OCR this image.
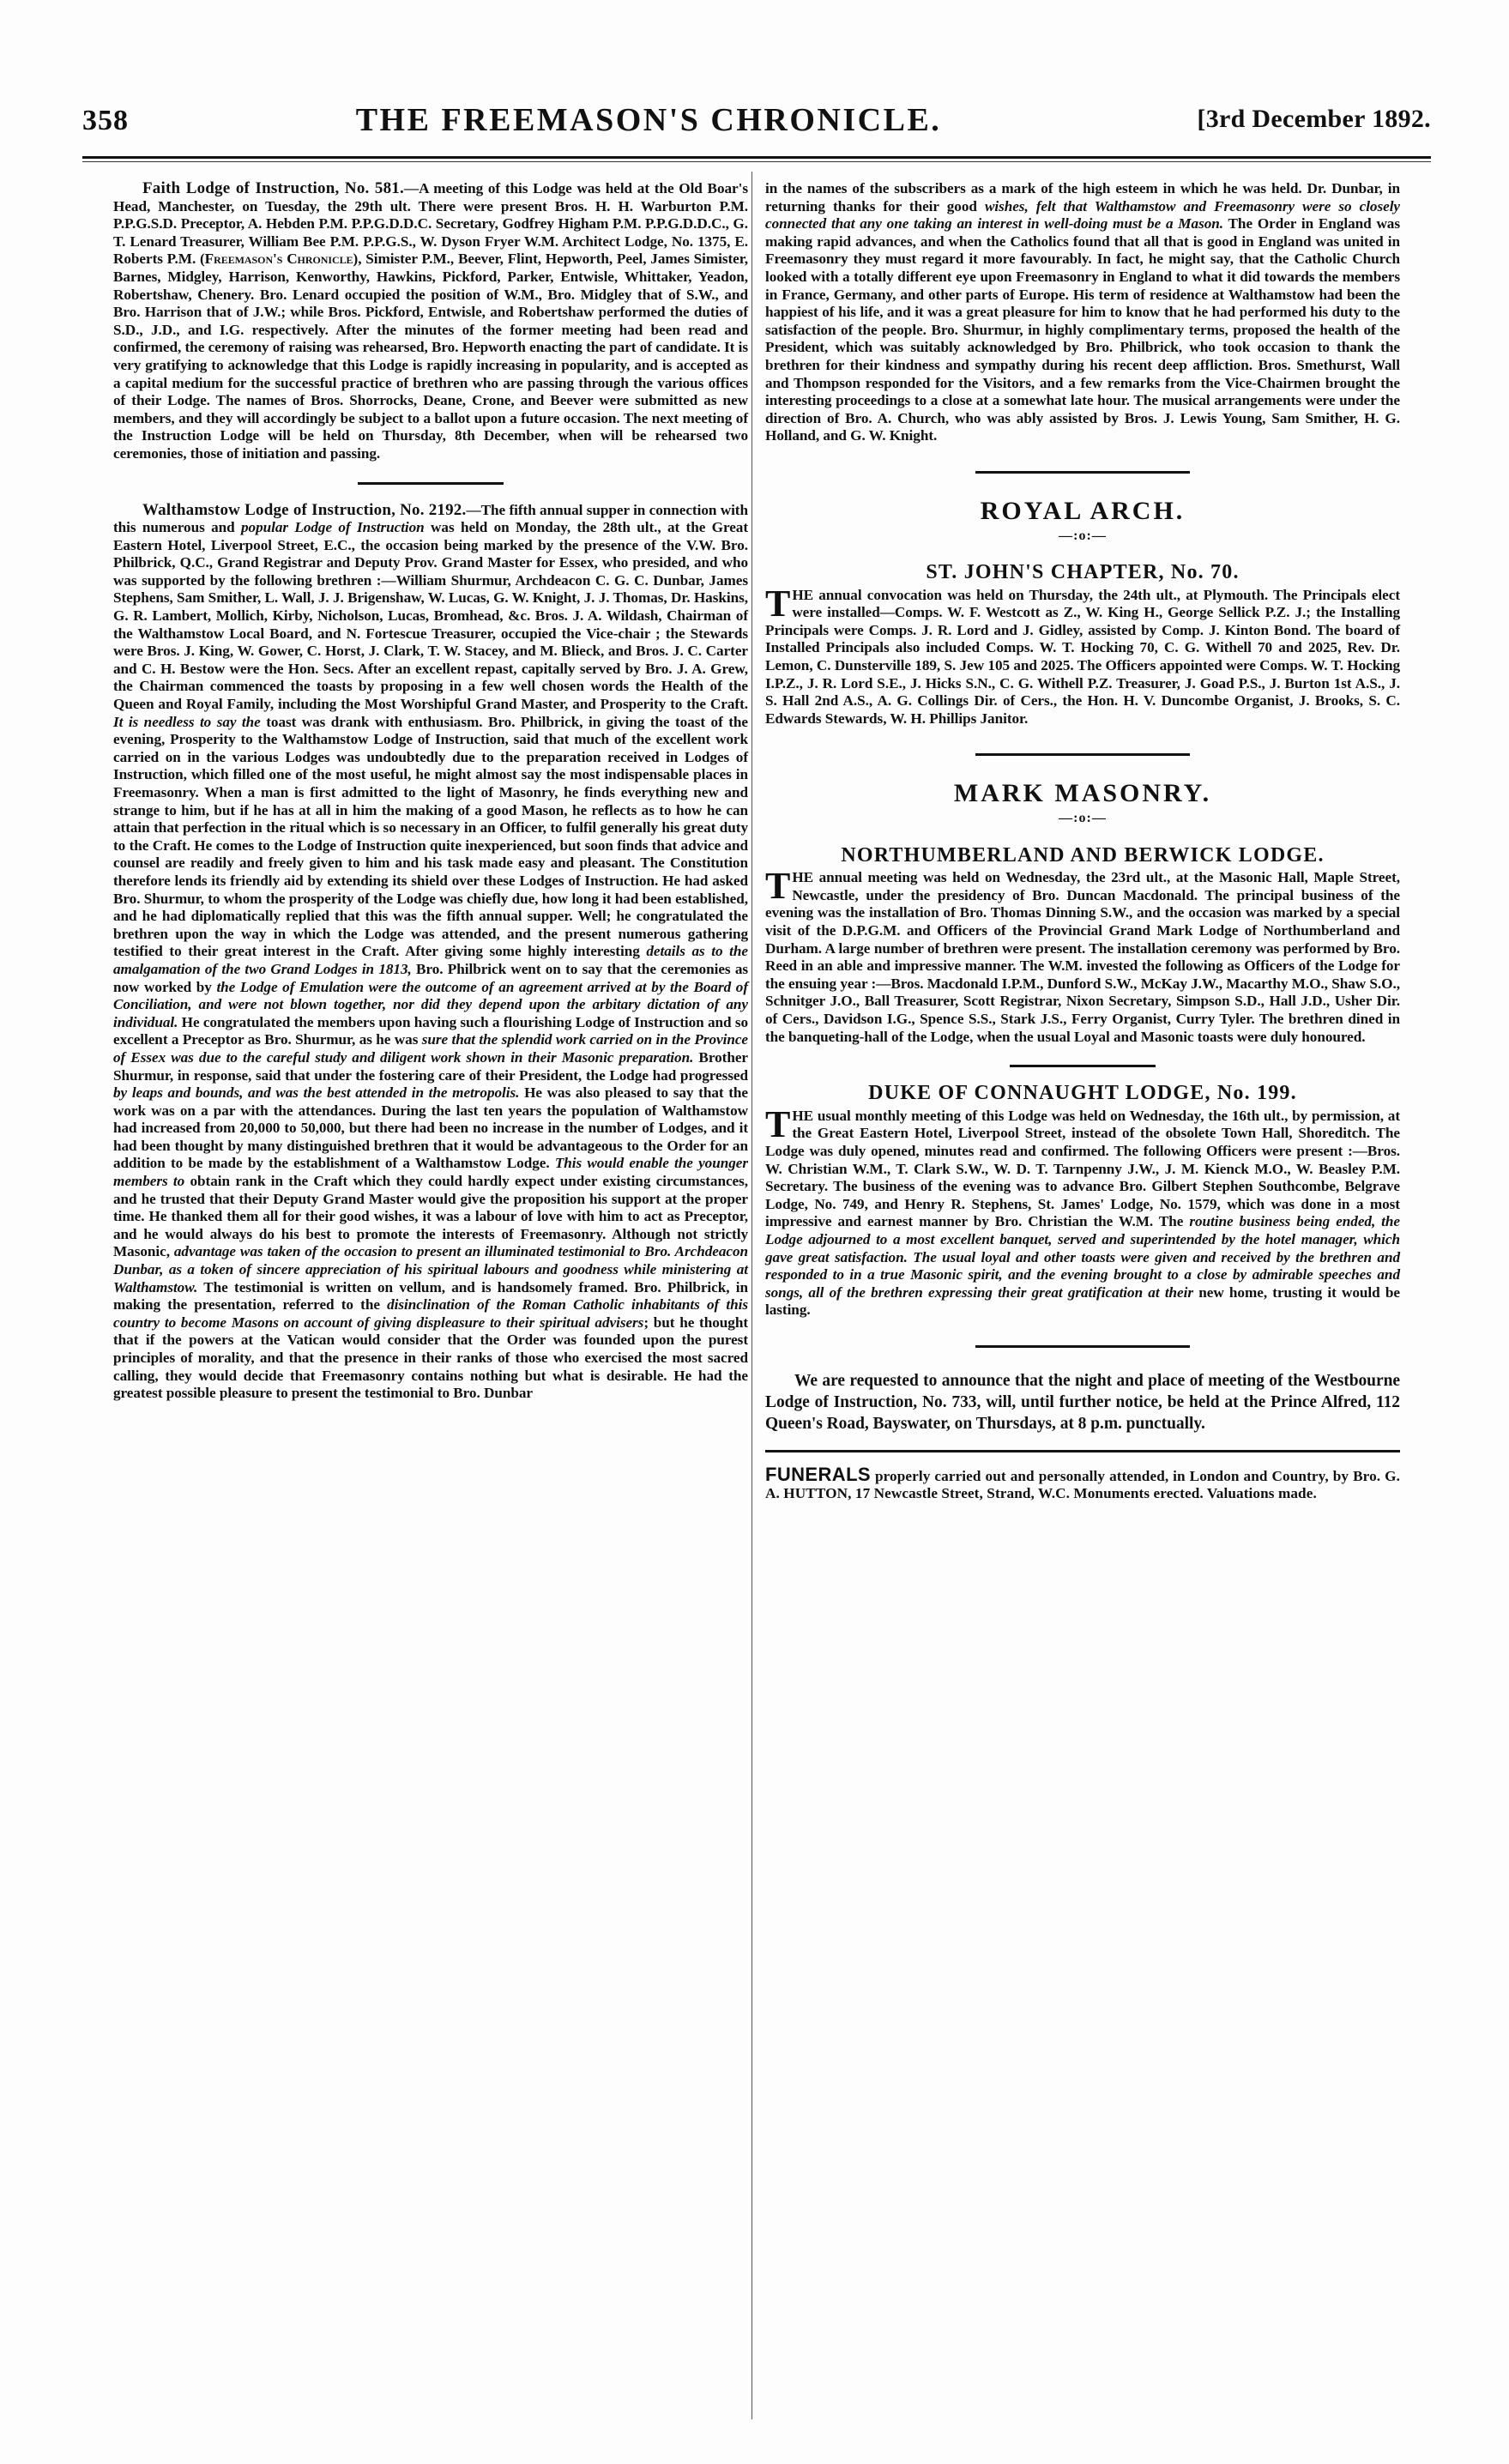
358	THE FREEMASON'S CHRONICLE.	[3rd December 1892.

Faith Lodge of Instruction, No. 581.—A meeting of this Lodge was held at the Old Boar's Head, Manchester, on Tuesday, the 29th ult. There were present Bros. H. H. Warburton P.M. P.P.G.S.D. Preceptor, A. Hebden P.M. P.P.G.D.D.C. Secretary, Godfrey Higham P.M. P.P.G.D.D.C., G. T. Lenard Treasurer, William Bee P.M. P.P.G.S., W. Dyson Fryer W.M. Architect Lodge, No. 1375, E. Roberts P.M. (Freemason's Chronicle), Simister P.M., Beever, Flint, Hepworth, Peel, James Simister, Barnes, Midgley, Harrison, Kenworthy, Hawkins, Pickford, Parker, Entwisle, Whittaker, Yeadon, Robertshaw, Chenery. Bro. Lenard occupied the position of W.M., Bro. Midgley that of S.W., and Bro. Harrison that of J.W.; while Bros. Pickford, Entwisle, and Robertshaw performed the duties of S.D., J.D., and I.G. respectively. After the minutes of the former meeting had been read and confirmed, the ceremony of raising was rehearsed, Bro. Hepworth enacting the part of candidate. It is very gratifying to acknowledge that this Lodge is rapidly increasing in popularity, and is accepted as a capital medium for the successful practice of brethren who are passing through the various offices of their Lodge. The names of Bros. Shorrocks, Deane, Crone, and Beever were submitted as new members, and they will accordingly be subject to a ballot upon a future occasion. The next meeting of the Instruction Lodge will be held on Thursday, 8th December, when will be rehearsed two ceremonies, those of initiation and passing.

Walthamstow Lodge of Instruction, No. 2192.—The fifth annual supper in connection with this numerous and popular Lodge of Instruction was held on Monday, the 28th ult., at the Great Eastern Hotel, Liverpool Street, E.C., the occasion being marked by the presence of the V.W. Bro. Philbrick, Q.C., Grand Registrar and Deputy Prov. Grand Master for Essex, who presided, and who was supported by the following brethren :—William Shurmur, Archdeacon C. G. C. Dunbar, James Stephens, Sam Smither, L. Wall, J. J. Brigenshaw, W. Lucas, G. W. Knight, J. J. Thomas, Dr. Haskins, G. R. Lambert, Mollich, Kirby, Nicholson, Lucas, Bromhead, &c. Bros. J. A. Wildash, Chairman of the Walthamstow Local Board, and N. Fortescue Treasurer, occupied the Vice-chair ; the Stewards were Bros. J. King, W. Gower, C. Horst, J. Clark, T. W. Stacey, and M. Blieck, and Bros. J. C. Carter and C. H. Bestow were the Hon. Secs. After an excellent repast, capitally served by Bro. J. A. Grew, the Chairman commenced the toasts by proposing in a few well chosen words the Health of the Queen and Royal Family, including the Most Worshipful Grand Master, and Prosperity to the Craft. It is needless to say the toast was drank with enthusiasm. Bro. Philbrick, in giving the toast of the evening, Prosperity to the Walthamstow Lodge of Instruction, said that much of the excellent work carried on in the various Lodges was undoubtedly due to the preparation received in Lodges of Instruction, which filled one of the most useful, he might almost say the most indispensable places in Freemasonry. When a man is first admitted to the light of Masonry, he finds everything new and strange to him, but if he has at all in him the making of a good Mason, he reflects as to how he can attain that perfection in the ritual which is so necessary in an Officer, to fulfil generally his great duty to the Craft. He comes to the Lodge of Instruction quite inexperienced, but soon finds that advice and counsel are readily and freely given to him and his task made easy and pleasant. The Constitution therefore lends its friendly aid by extending its shield over these Lodges of Instruction. He had asked Bro. Shurmur, to whom the prosperity of the Lodge was chiefly due, how long it had been established, and he had diplomatically replied that this was the fifth annual supper. Well; he congratulated the brethren upon the way in which the Lodge was attended, and the present numerous gathering testified to their great interest in the Craft. After giving some highly interesting details as to the amalgamation of the two Grand Lodges in 1813, Bro. Philbrick went on to say that the ceremonies as now worked by the Lodge of Emulation were the outcome of an agreement arrived at by the Board of Conciliation, and were not blown together, nor did they depend upon the arbitary dictation of any individual. He congratulated the members upon having such a flourishing Lodge of Instruction and so excellent a Preceptor as Bro. Shurmur, as he was sure that the splendid work carried on in the Province of Essex was due to the careful study and diligent work shown in their Masonic preparation. Brother Shurmur, in response, said that under the fostering care of their President, the Lodge had progressed by leaps and bounds, and was the best attended in the metropolis. He was also pleased to say that the work was on a par with the attendances. During the last ten years the population of Walthamstow had increased from 20,000 to 50,000, but there had been no increase in the number of Lodges, and it had been thought by many distinguished brethren that it would be advantageous to the Order for an addition to be made by the establishment of a Walthamstow Lodge. This would enable the younger members to obtain rank in the Craft which they could hardly expect under existing circumstances, and he trusted that their Deputy Grand Master would give the proposition his support at the proper time. He thanked them all for their good wishes, it was a labour of love with him to act as Preceptor, and he would always do his best to promote the interests of Freemasonry. Although not strictly Masonic, advantage was taken of the occasion to present an illuminated testimonial to Bro. Archdeacon Dunbar, as a token of sincere appreciation of his spiritual labours and goodness while ministering at Walthamstow. The testimonial is written on vellum, and is handsomely framed. Bro. Philbrick, in making the presentation, referred to the disinclination of the Roman Catholic inhabitants of this country to become Masons on account of giving displeasure to their spiritual advisers; but he thought that if the powers at the Vatican would consider that the Order was founded upon the purest principles of morality, and that the presence in their ranks of those who exercised the most sacred calling, they would decide that Freemasonry contains nothing but what is desirable. He had the greatest possible pleasure to present the testimonial to Bro. Dunbar

in the names of the subscribers as a mark of the high esteem in which he was held. Dr. Dunbar, in returning thanks for their good wishes, felt that Walthamstow and Freemasonry were so closely connected that any one taking an interest in well-doing must be a Mason. The Order in England was making rapid advances, and when the Catholics found that all that is good in England was united in Freemasonry they must regard it more favourably. In fact, he might say, that the Catholic Church looked with a totally different eye upon Freemasonry in England to what it did towards the members in France, Germany, and other parts of Europe. His term of residence at Walthamstow had been the happiest of his life, and it was a great pleasure for him to know that he had performed his duty to the satisfaction of the people. Bro. Shurmur, in highly complimentary terms, proposed the health of the President, which was suitably acknowledged by Bro. Philbrick, who took occasion to thank the brethren for their kindness and sympathy during his recent deep affliction. Bros. Smethurst, Wall and Thompson responded for the Visitors, and a few remarks from the Vice-Chairmen brought the interesting proceedings to a close at a somewhat late hour. The musical arrangements were under the direction of Bro. A. Church, who was ably assisted by Bros. J. Lewis Young, Sam Smither, H. G. Holland, and G. W. Knight.

ROYAL ARCH.
—:o:—
ST. JOHN'S CHAPTER, No. 70.

THE annual convocation was held on Thursday, the 24th ult., at Plymouth. The Principals elect were installed—Comps. W. F. Westcott as Z., W. King H., George Sellick P.Z. J.; the Installing Principals were Comps. J. R. Lord and J. Gidley, assisted by Comp. J. Kinton Bond. The board of Installed Principals also included Comps. W. T. Hocking 70, C. G. Withell 70 and 2025, Rev. Dr. Lemon, C. Dunsterville 189, S. Jew 105 and 2025. The Officers appointed were Comps. W. T. Hocking I.P.Z., J. R. Lord S.E., J. Hicks S.N., C. G. Withell P.Z. Treasurer, J. Goad P.S., J. Burton 1st A.S., J. S. Hall 2nd A.S., A. G. Collings Dir. of Cers., the Hon. H. V. Duncombe Organist, J. Brooks, S. C. Edwards Stewards, W. H. Phillips Janitor.

MARK MASONRY.
—:o:—
NORTHUMBERLAND AND BERWICK LODGE.

THE annual meeting was held on Wednesday, the 23rd ult., at the Masonic Hall, Maple Street, Newcastle, under the presidency of Bro. Duncan Macdonald. The principal business of the evening was the installation of Bro. Thomas Dinning S.W., and the occasion was marked by a special visit of the D.P.G.M. and Officers of the Provincial Grand Mark Lodge of Northumberland and Durham. A large number of brethren were present. The installation ceremony was performed by Bro. Reed in an able and impressive manner. The W.M. invested the following as Officers of the Lodge for the ensuing year :—Bros. Macdonald I.P.M., Dunford S.W., McKay J.W., Macarthy M.O., Shaw S.O., Schnitger J.O., Ball Treasurer, Scott Registrar, Nixon Secretary, Simpson S.D., Hall J.D., Usher Dir. of Cers., Davidson I.G., Spence S.S., Stark J.S., Ferry Organist, Curry Tyler. The brethren dined in the banqueting-hall of the Lodge, when the usual Loyal and Masonic toasts were duly honoured.

DUKE OF CONNAUGHT LODGE, No. 199.

THE usual monthly meeting of this Lodge was held on Wednesday, the 16th ult., by permission, at the Great Eastern Hotel, Liverpool Street, instead of the obsolete Town Hall, Shoreditch. The Lodge was duly opened, minutes read and confirmed. The following Officers were present :—Bros. W. Christian W.M., T. Clark S.W., W. D. T. Tarnpenny J.W., J. M. Kienck M.O., W. Beasley P.M. Secretary. The business of the evening was to advance Bro. Gilbert Stephen Southcombe, Belgrave Lodge, No. 749, and Henry R. Stephens, St. James' Lodge, No. 1579, which was done in a most impressive and earnest manner by Bro. Christian the W.M. The routine business being ended, the Lodge adjourned to a most excellent banquet, served and superintended by the hotel manager, which gave great satisfaction. The usual loyal and other toasts were given and received by the brethren and responded to in a true Masonic spirit, and the evening brought to a close by admirable speeches and songs, all of the brethren expressing their great gratification at their new home, trusting it would be lasting.

We are requested to announce that the night and place of meeting of the Westbourne Lodge of Instruction, No. 733, will, until further notice, be held at the Prince Alfred, 112 Queen's Road, Bayswater, on Thursdays, at 8 p.m. punctually.

FUNERALS properly carried out and personally attended, in London and Country, by Bro. G. A. HUTTON, 17 Newcastle Street, Strand, W.C. Monuments erected. Valuations made.
